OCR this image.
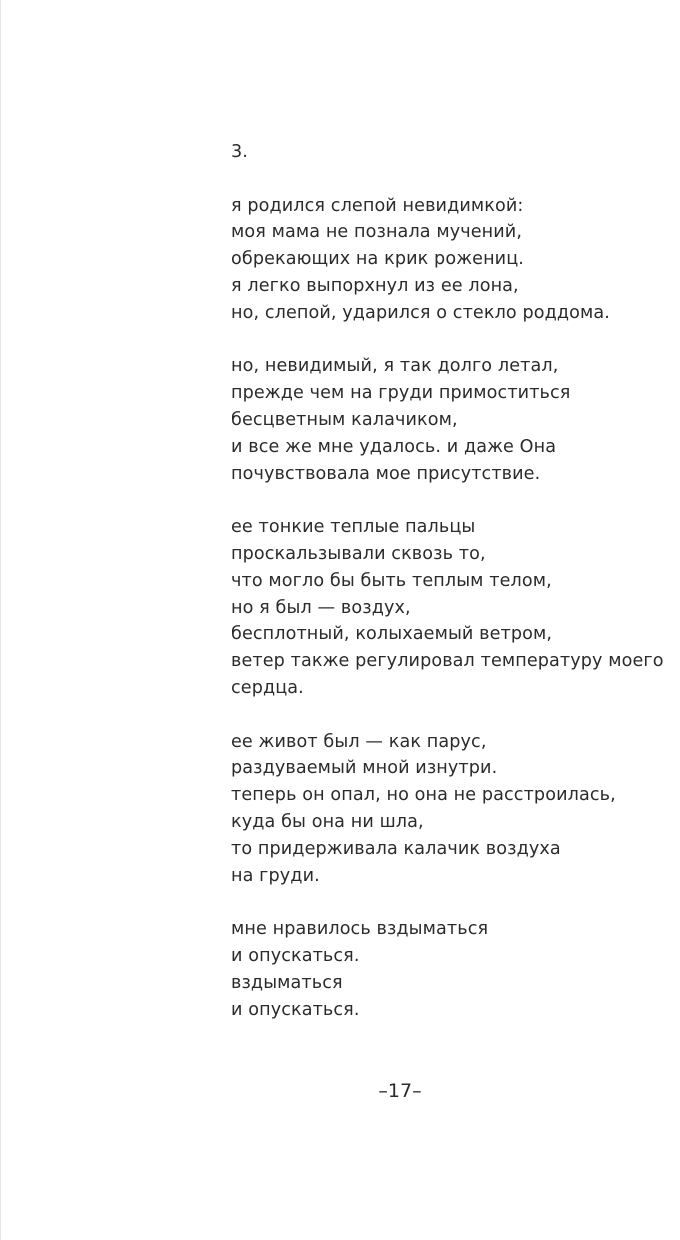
3.
я родился слепой невидимкой:
моя мама не познала мучений,
обрекающих на крик рожениц.
я легко выпорхнул из ее лона,
но, слепой, ударился о стекло роддома.
но, невидимый, я так долго летал,
прежде чем на груди примоститься
бесцветным калачиком,
и все же мне удалось. и даже Она
почувствовала мое присутствие.
ее тонкие теплые пальцы
проскальзывали сквозь то,
что могло бы быть теплым телом,
но я был — воздух,
бесплотный, колыхаемый ветром,
ветер также регулировал температуру моего
сердца.
ее живот был — как парус,
раздуваемый мной изнутри.
теперь он опал, но она не расстроилась,
куда бы она ни шла,
то придерживала калачик воздуха
на груди.
мне нравилось вздыматься
и опускаться.
вздыматься
и опускаться.
–17–
